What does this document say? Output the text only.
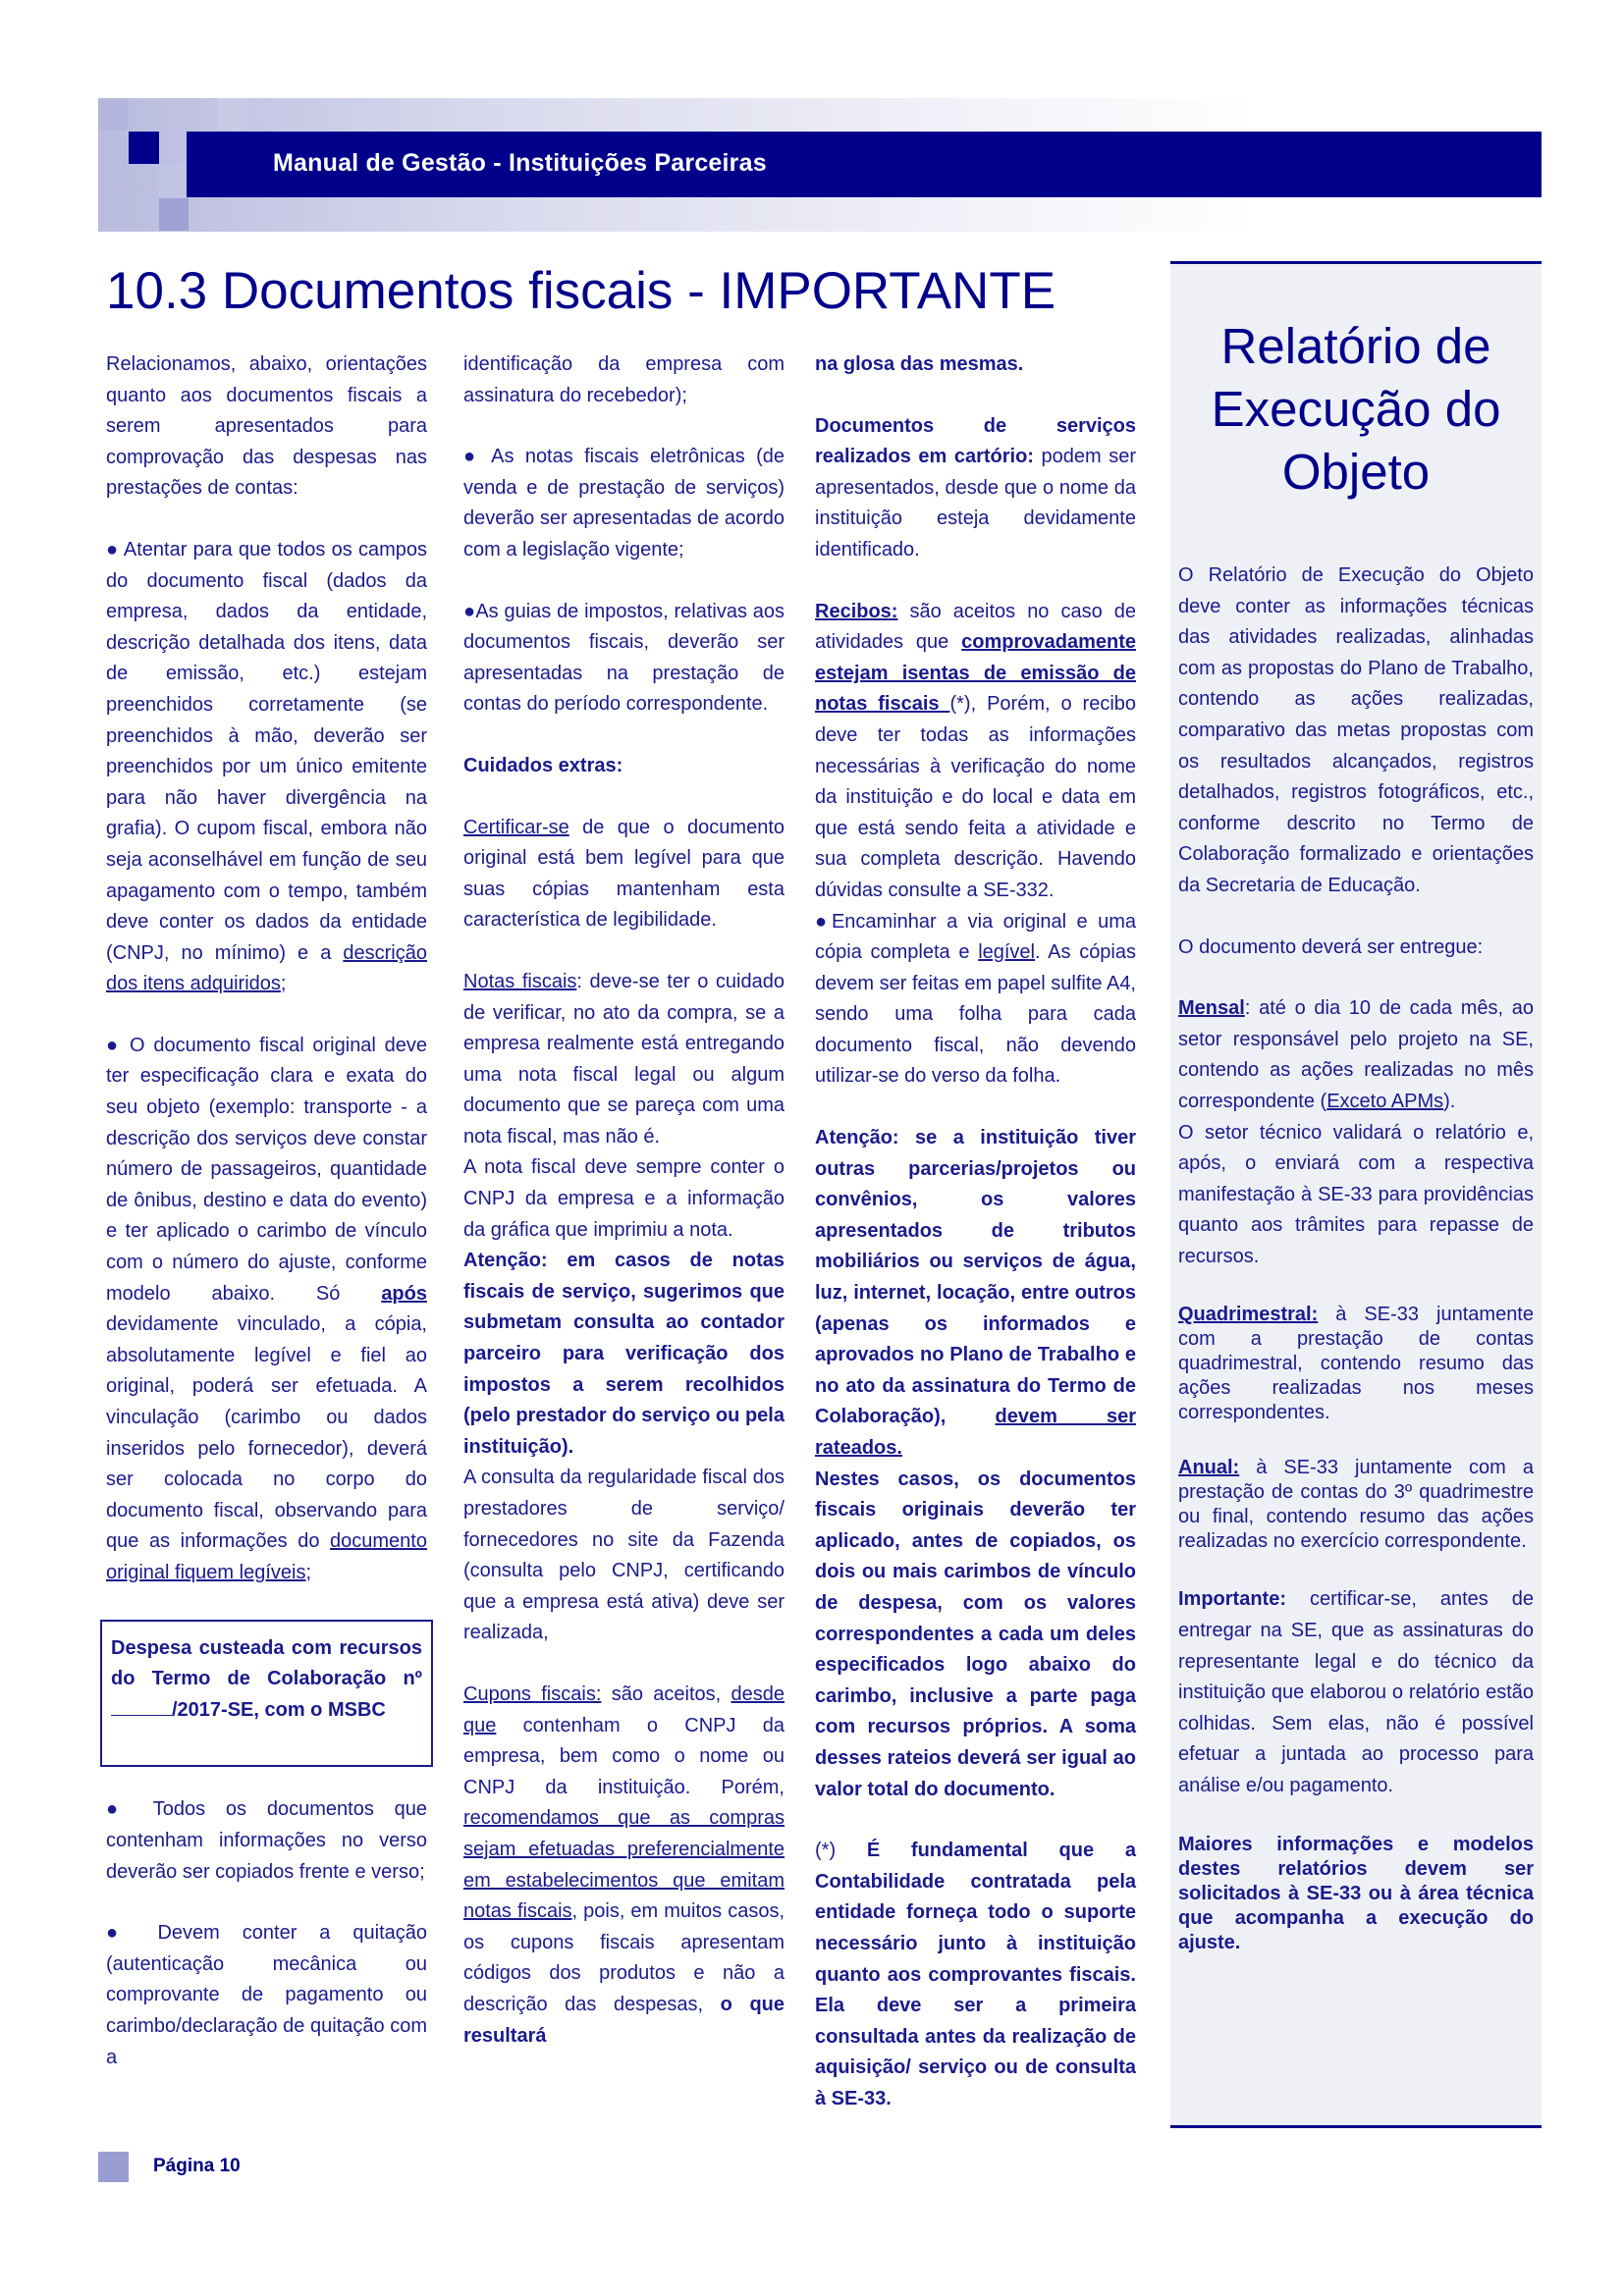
Manual de Gestão - Instituições Parceiras
10.3 Documentos fiscais - IMPORTANTE

Relacionamos, abaixo, orientações quanto aos documentos fiscais a serem apresentados para comprovação das despesas nas prestações de contas:

● Atentar para que todos os campos do documento fiscal (dados da empresa, dados da entidade, descrição detalhada dos itens, data de emissão, etc.) estejam preenchidos corretamente (se preenchidos à mão, deverão ser preenchidos por um único emitente para não haver divergência na grafia). O cupom fiscal, embora não seja aconselhável em função de seu apagamento com o tempo, também deve conter os dados da entidade (CNPJ, no mínimo) e a descrição dos itens adquiridos;

● O documento fiscal original deve ter especificação clara e exata do seu objeto (exemplo: transporte - a descrição dos serviços deve constar número de passageiros, quantidade de ônibus, destino e data do evento) e ter aplicado o carimbo de vínculo com o número do ajuste, conforme modelo abaixo. Só após devidamente vinculado, a cópia, absolutamente legível e fiel ao original, poderá ser efetuada. A vinculação (carimbo ou dados inseridos pelo fornecedor), deverá ser colocada no corpo do documento fiscal, observando para que as informações do documento original fiquem legíveis;

Despesa custeada com recursos do Termo de Colaboração nº /2017-SE, com o MSBC

● Todos os documentos que contenham informações no verso deverão ser copiados frente e verso;

● Devem conter a quitação (autenticação mecânica ou comprovante de pagamento ou carimbo/declaração de quitação com a

identificação da empresa com assinatura do recebedor);

● As notas fiscais eletrônicas (de venda e de prestação de serviços) deverão ser apresentadas de acordo com a legislação vigente;

●As guias de impostos, relativas aos documentos fiscais, deverão ser apresentadas na prestação de contas do período correspondente.

Cuidados extras:

Certificar-se de que o documento original está bem legível para que suas cópias mantenham esta característica de legibilidade.

Notas fiscais: deve-se ter o cuidado de verificar, no ato da compra, se a empresa realmente está entregando uma nota fiscal legal ou algum documento que se pareça com uma nota fiscal, mas não é.

A nota fiscal deve sempre conter o CNPJ da empresa e a informação da gráfica que imprimiu a nota.

Atenção: em casos de notas fiscais de serviço, sugerimos que submetam consulta ao contador parceiro para verificação dos impostos a serem recolhidos (pelo prestador do serviço ou pela instituição).

A consulta da regularidade fiscal dos prestadores de serviço/ fornecedores no site da Fazenda (consulta pelo CNPJ, certificando que a empresa está ativa) deve ser realizada,

Cupons fiscais: são aceitos, desde que contenham o CNPJ da empresa, bem como o nome ou CNPJ da instituição. Porém, recomendamos que as compras sejam efetuadas preferencialmente em estabelecimentos que emitam notas fiscais, pois, em muitos casos, os cupons fiscais apresentam códigos dos produtos e não a descrição das despesas, o que resultará

na glosa das mesmas.

Documentos de serviços realizados em cartório: podem ser apresentados, desde que o nome da instituição esteja devidamente identificado.

Recibos: são aceitos no caso de atividades que comprovadamente estejam isentas de emissão de notas fiscais (*), Porém, o recibo deve ter todas as informações necessárias à verificação do nome da instituição e do local e data em que está sendo feita a atividade e sua completa descrição. Havendo dúvidas consulte a SE-332.

●Encaminhar a via original e uma cópia completa e legível. As cópias devem ser feitas em papel sulfite A4, sendo uma folha para cada documento fiscal, não devendo utilizar-se do verso da folha.

Atenção: se a instituição tiver outras parcerias/projetos ou convênios, os valores apresentados de tributos mobiliários ou serviços de água, luz, internet, locação, entre outros (apenas os informados e aprovados no Plano de Trabalho e no ato da assinatura do Termo de Colaboração), devem ser rateados.

Nestes casos, os documentos fiscais originais deverão ter aplicado, antes de copiados, os dois ou mais carimbos de vínculo de despesa, com os valores correspondentes a cada um deles especificados logo abaixo do carimbo, inclusive a parte paga com recursos próprios. A soma desses rateios deverá ser igual ao valor total do documento.

(*) É fundamental que a Contabilidade contratada pela entidade forneça todo o suporte necessário junto à instituição quanto aos comprovantes fiscais. Ela deve ser a primeira consultada antes da realização de aquisição/ serviço ou de consulta à SE-33.

Relatório de Execução do Objeto

O Relatório de Execução do Objeto deve conter as informações técnicas das atividades realizadas, alinhadas com as propostas do Plano de Trabalho, contendo as ações realizadas, comparativo das metas propostas com os resultados alcançados, registros detalhados, registros fotográficos, etc., conforme descrito no Termo de Colaboração formalizado e orientações da Secretaria de Educação.

O documento deverá ser entregue:

Mensal: até o dia 10 de cada mês, ao setor responsável pelo projeto na SE, contendo as ações realizadas no mês correspondente (Exceto APMs).

O setor técnico validará o relatório e, após, o enviará com a respectiva manifestação à SE-33 para providências quanto aos trâmites para repasse de recursos.

Quadrimestral: à SE-33 juntamente com a prestação de contas quadrimestral, contendo resumo das ações realizadas nos meses correspondentes.

Anual: à SE-33 juntamente com a prestação de contas do 3º quadrimestre ou final, contendo resumo das ações realizadas no exercício correspondente.

Importante: certificar-se, antes de entregar na SE, que as assinaturas do representante legal e do técnico da instituição que elaborou o relatório estão colhidas. Sem elas, não é possível efetuar a juntada ao processo para análise e/ou pagamento.

Maiores informações e modelos destes relatórios devem ser solicitados à SE-33 ou à área técnica que acompanha a execução do ajuste.

Página 10
